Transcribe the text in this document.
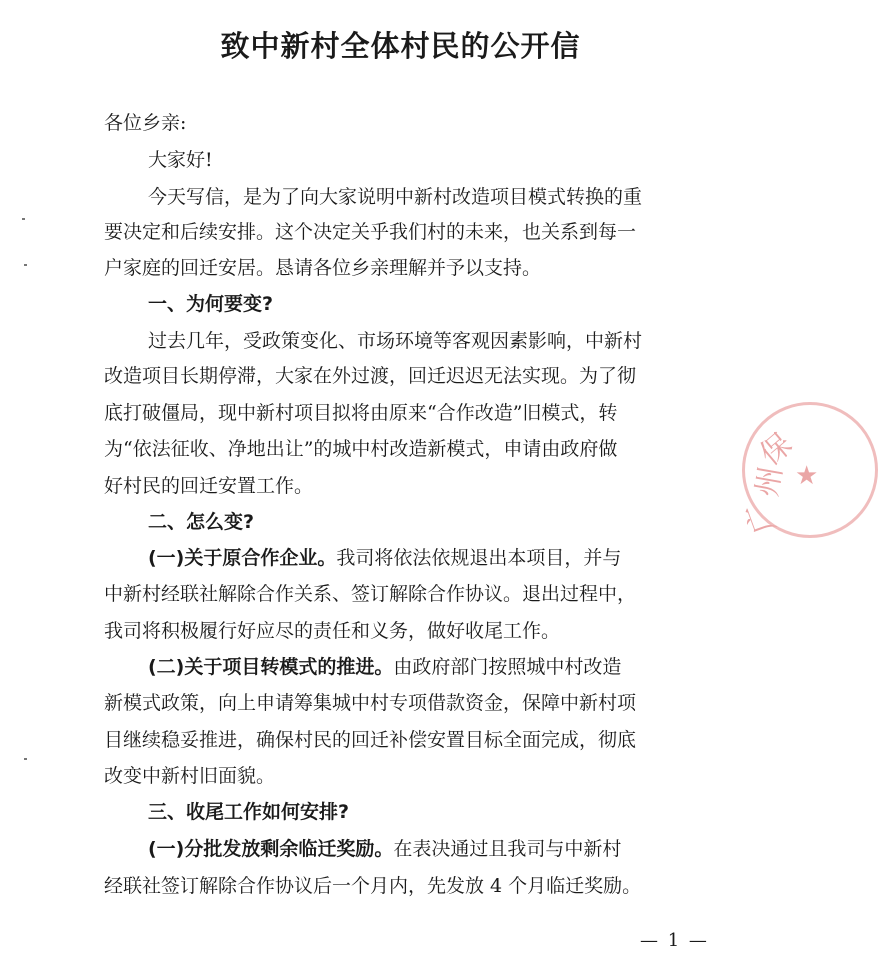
致中新村全体村民的公开信
各位乡亲:
大家好!
今天写信，是为了向大家说明中新村改造项目模式转换的重
要决定和后续安排。这个决定关乎我们村的未来，也关系到每一
户家庭的回迁安居。恳请各位乡亲理解并予以支持。
一、为何要变?
过去几年，受政策变化、市场环境等客观因素影响，中新村
改造项目长期停滞，大家在外过渡，回迁迟迟无法实现。为了彻
底打破僵局，现中新村项目拟将由原来“合作改造”旧模式，转
为“依法征收、净地出让”的城中村改造新模式，申请由政府做
好村民的回迁安置工作。
二、怎么变?
(一)关于原合作企业。我司将依法依规退出本项目，并与
中新村经联社解除合作关系、签订解除合作协议。退出过程中，
我司将积极履行好应尽的责任和义务，做好收尾工作。
(二)关于项目转模式的推进。由政府部门按照城中村改造
新模式政策，向上申请筹集城中村专项借款资金，保障中新村项
目继续稳妥推进，确保村民的回迁补偿安置目标全面完成，彻底
改变中新村旧面貌。
三、收尾工作如何安排?
(一)分批发放剩余临迁奖励。在表决通过且我司与中新村
经联社签订解除合作协议后一个月内，先发放 4 个月临迁奖励。
— 1 —
保
州
广
★
